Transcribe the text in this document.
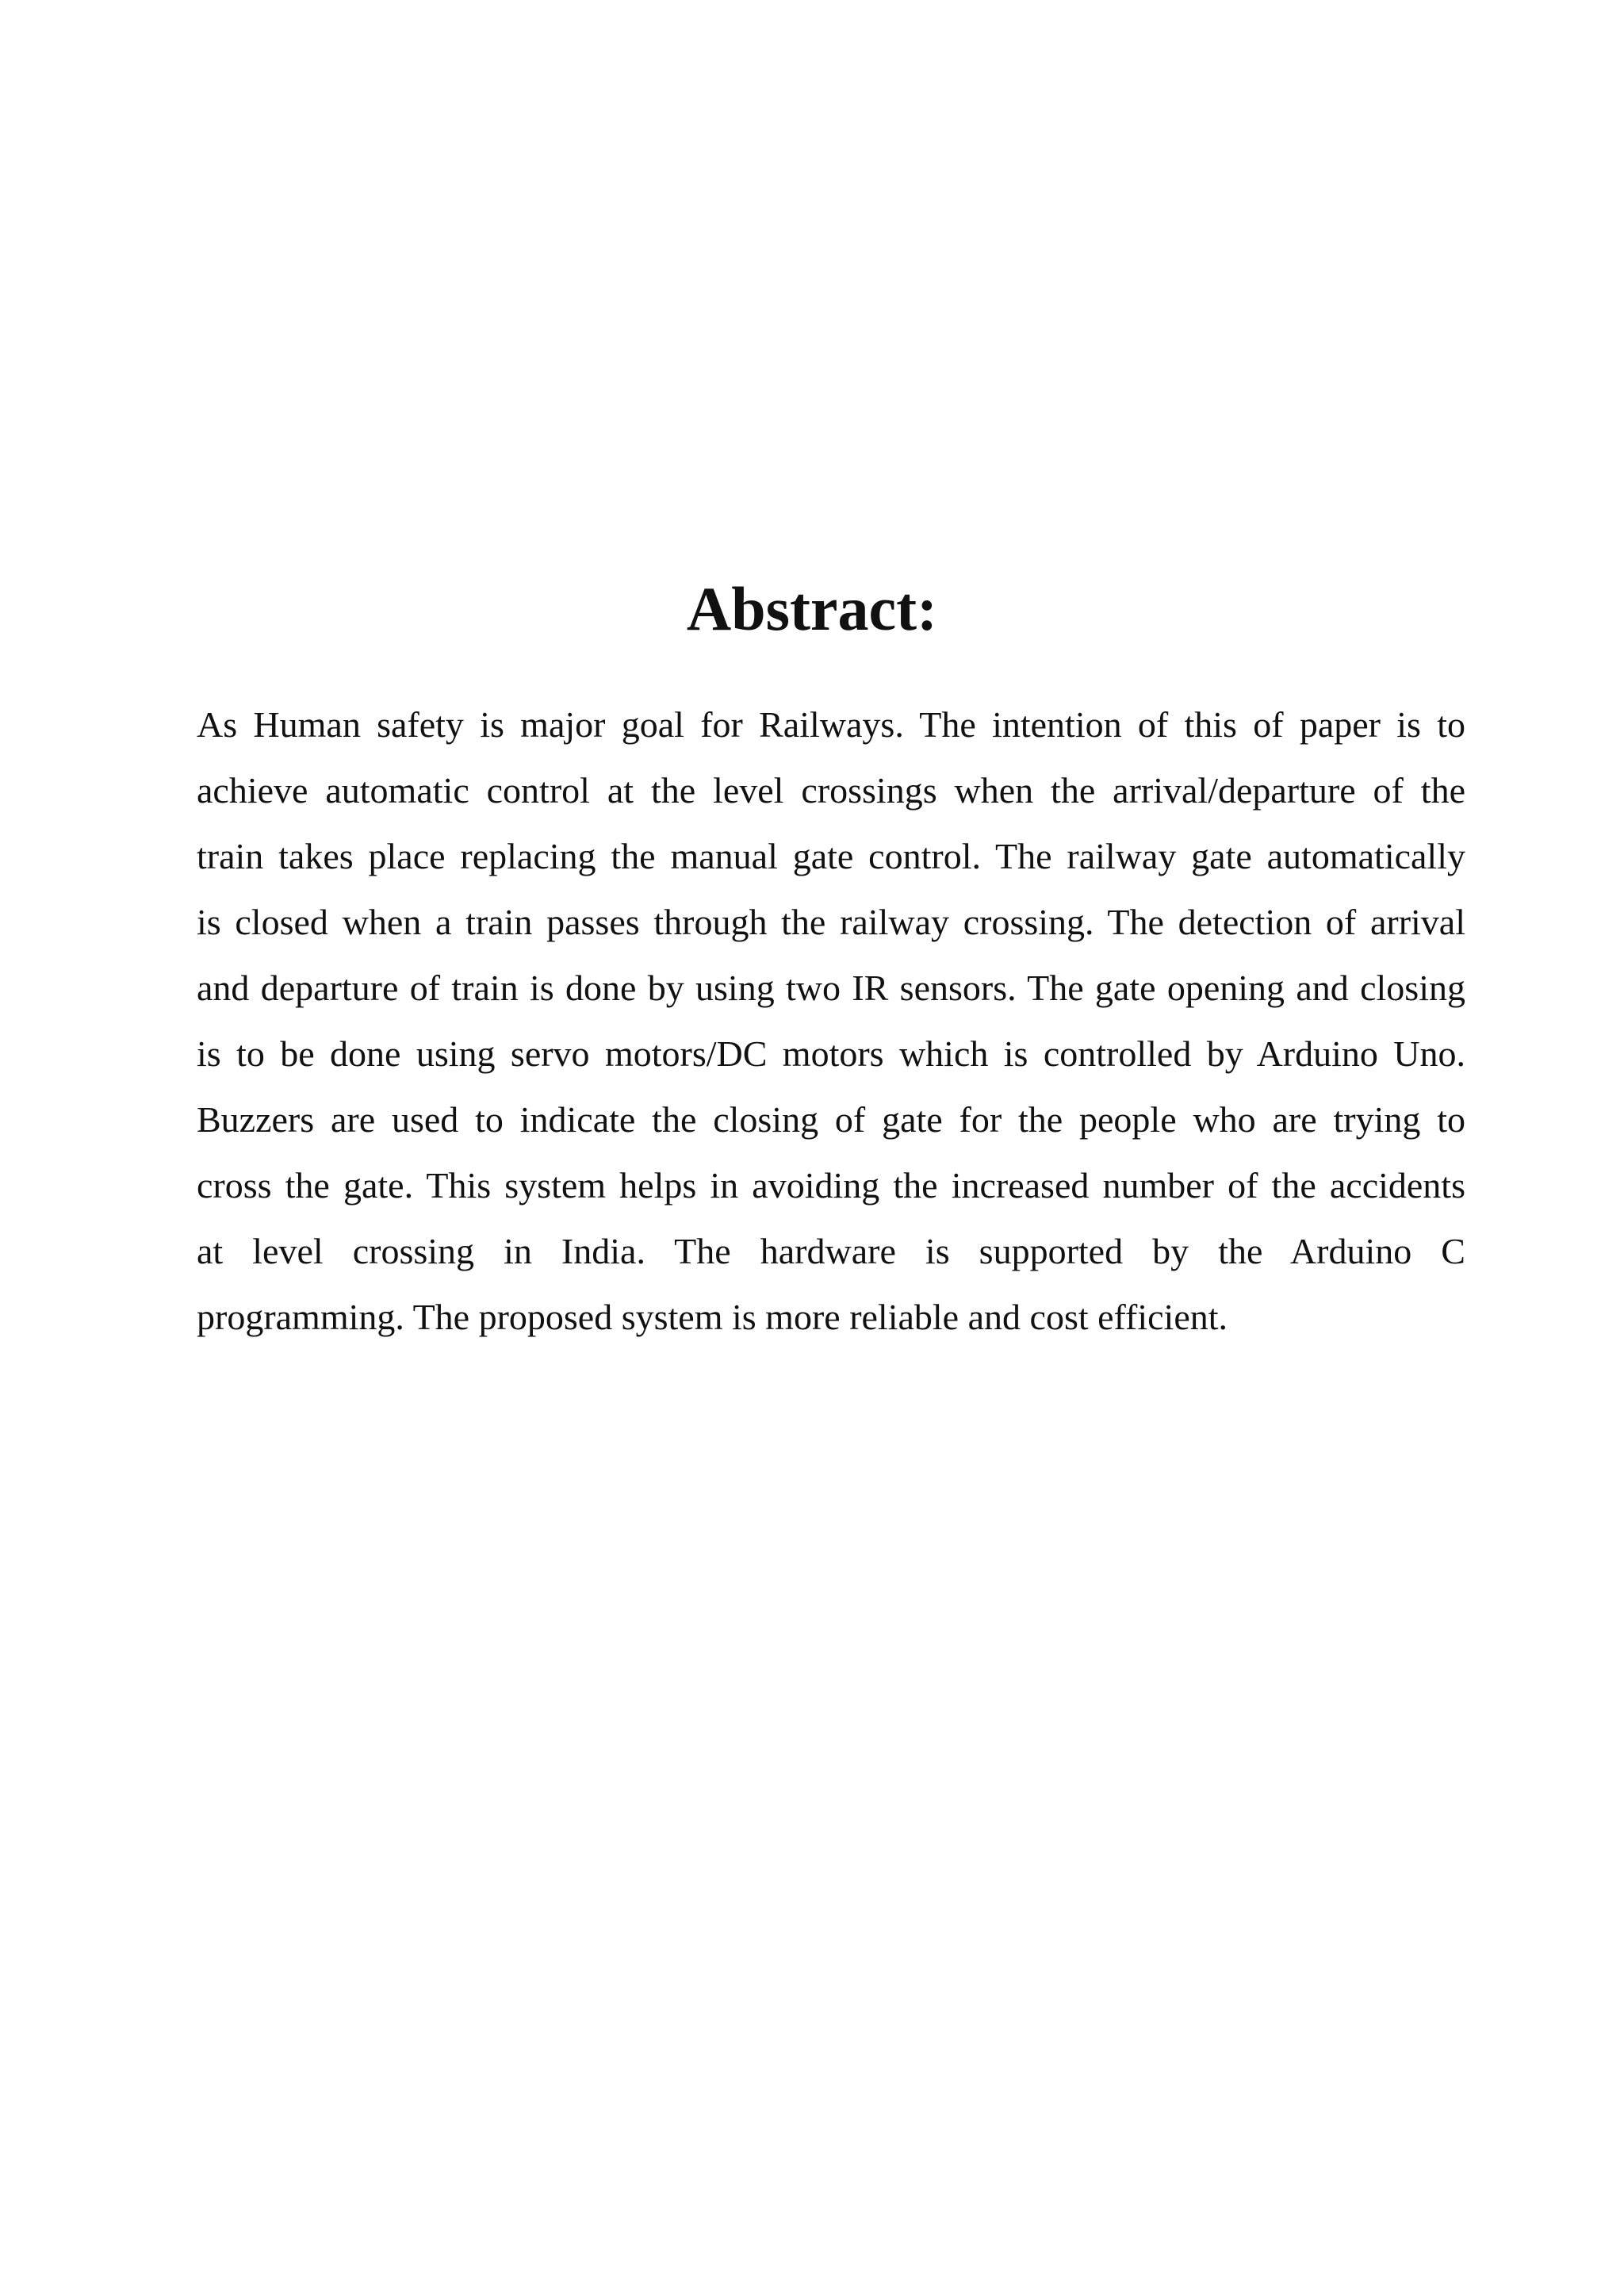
Abstract:
As Human safety is major goal for Railways. The intention of this of paper is to
achieve automatic control at the level crossings when the arrival/departure of the
train takes place replacing the manual gate control. The railway gate automatically
is closed when a train passes through the railway crossing. The detection of arrival
and departure of train is done by using two IR sensors. The gate opening and closing
is to be done using servo motors/DC motors which is controlled by Arduino Uno.
Buzzers are used to indicate the closing of gate for the people who are trying to
cross the gate. This system helps in avoiding the increased number of the accidents
at level crossing in India. The hardware is supported by the Arduino C
programming. The proposed system is more reliable and cost efficient.
